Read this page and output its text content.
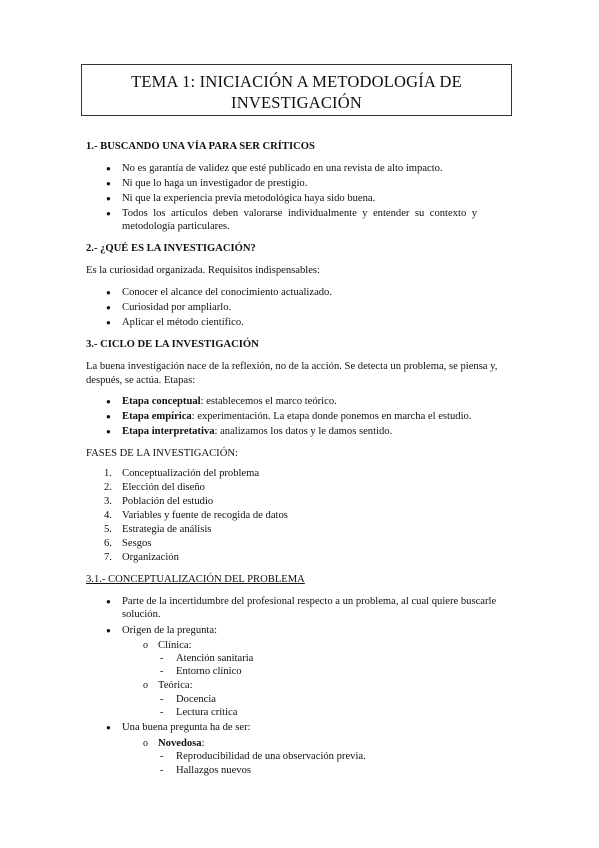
TEMA 1: INICIACIÓN A METODOLOGÍA DE
INVESTIGACIÓN
1.- BUSCANDO UNA VÍA PARA SER CRÍTICOS
● No es garantía de validez que esté publicado en una revista de alto impacto.
● Ni que lo haga un investigador de prestigio.
● Ni que la experiencia previa metodológica haya sido buena.
● Todos los artículos deben valorarse individualmente y entender su contexto y
metodología particulares.
2.- ¿QUÉ ES LA INVESTIGACIÓN?
Es la curiosidad organizada. Requisitos indispensables:
● Conocer el alcance del conocimiento actualizado.
● Curiosidad por ampliarlo.
● Aplicar el método científico.
3.- CICLO DE LA INVESTIGACIÓN
La buena investigación nace de la reflexión, no de la acción. Se detecta un problema, se piensa y,
después, se actúa. Etapas:
● Etapa conceptual: establecemos el marco teórico.
● Etapa empírica: experimentación. La etapa donde ponemos en marcha el estudio.
● Etapa interpretativa: analizamos los datos y le damos sentido.
FASES DE LA INVESTIGACIÓN:
1. Conceptualización del problema
2. Elección del diseño
3. Población del estudio
4. Variables y fuente de recogida de datos
5. Estrategia de análisis
6. Sesgos
7. Organización
3.1.- CONCEPTUALIZACIÓN DEL PROBLEMA
● Parte de la incertidumbre del profesional respecto a un problema, al cual quiere buscarle
solución.
● Origen de la pregunta:
o Clínica:
- Atención sanitaria
- Entorno clínico
o Teórica:
- Docencia
- Lectura crítica
● Una buena pregunta ha de ser:
o Novedosa:
- Reproducibilidad de una observación previa.
- Hallazgos nuevos
